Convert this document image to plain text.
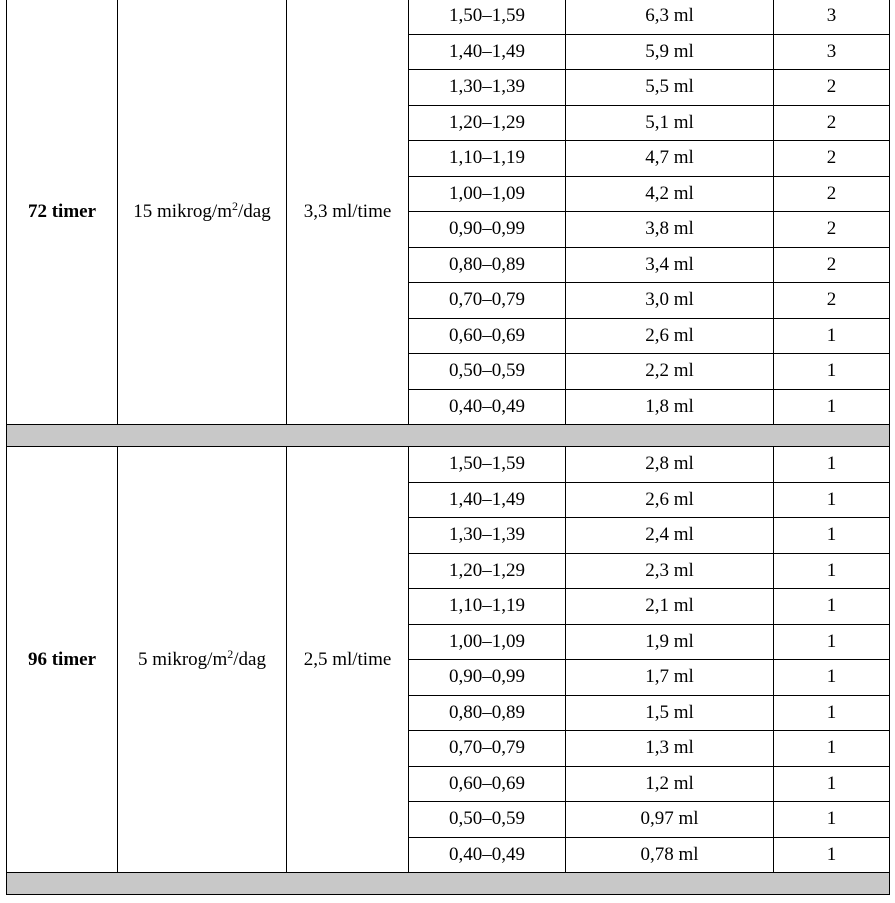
72 timer	15 mikrog/$m^2$/dag	3,3 ml/time	1,50–1,59	6,3 ml	3
			1,40–1,49	5,9 ml	3
			1,30–1,39	5,5 ml	2
			1,20–1,29	5,1 ml	2
			1,10–1,19	4,7 ml	2
			1,00–1,09	4,2 ml	2
			0,90–0,99	3,8 ml	2
			0,80–0,89	3,4 ml	2
			0,70–0,79	3,0 ml	2
			0,60–0,69	2,6 ml	1
			0,50–0,59	2,2 ml	1
			0,40–0,49	1,8 ml	1

96 timer	5 mikrog/$m^2$/dag	2,5 ml/time	1,50–1,59	2,8 ml	1
			1,40–1,49	2,6 ml	1
			1,30–1,39	2,4 ml	1
			1,20–1,29	2,3 ml	1
			1,10–1,19	2,1 ml	1
			1,00–1,09	1,9 ml	1
			0,90–0,99	1,7 ml	1
			0,80–0,89	1,5 ml	1
			0,70–0,79	1,3 ml	1
			0,60–0,69	1,2 ml	1
			0,50–0,59	0,97 ml	1
			0,40–0,49	0,78 ml	1
